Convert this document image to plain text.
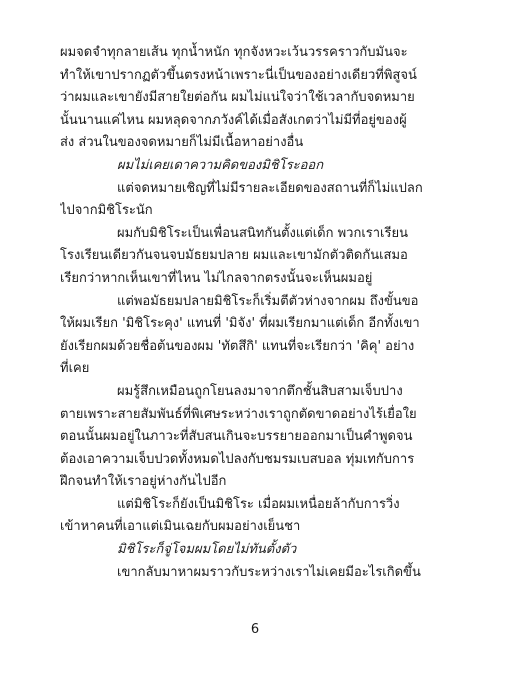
ผมจดจำทุกลายเส้น ทุกน้ำหนัก ทุกจังหวะเว้นวรรคราวกับมันจะ
ทำให้เขาปรากฏตัวขึ้นตรงหน้าเพราะนี่เป็นของอย่างเดียวที่พิสูจน์
ว่าผมและเขายังมีสายใยต่อกัน ผมไม่แน่ใจว่าใช้เวลากับจดหมาย
นั้นนานแค่ไหน ผมหลุดจากภวังค์ได้เมื่อสังเกตว่าไม่มีที่อยู่ของผู้
ส่ง ส่วนในของจดหมายก็ไม่มีเนื้อหาอย่างอื่น
ผมไม่เคยเดาความคิดของมิชิโระออก
แต่จดหมายเชิญที่ไม่มีรายละเอียดของสถานที่ก็ไม่แปลก
ไปจากมิชิโระนัก
ผมกับมิชิโระเป็นเพื่อนสนิทกันตั้งแต่เด็ก พวกเราเรียน
โรงเรียนเดียวกันจนจบมัธยมปลาย ผมและเขามักตัวติดกันเสมอ
เรียกว่าหากเห็นเขาที่ไหน ไม่ไกลจากตรงนั้นจะเห็นผมอยู่
แต่พอมัธยมปลายมิชิโระก็เริ่มตีตัวห่างจากผม ถึงขั้นขอ
ให้ผมเรียก 'มิชิโระคุง' แทนที่ 'มิจัง' ที่ผมเรียกมาแต่เด็ก อีกทั้งเขา
ยังเรียกผมด้วยชื่อต้นของผม 'ทัตสึกิ' แทนที่จะเรียกว่า 'คิคุ' อย่าง
ที่เคย
ผมรู้สึกเหมือนถูกโยนลงมาจากตึกชั้นสิบสามเจ็บปาง
ตายเพราะสายสัมพันธ์ที่พิเศษระหว่างเราถูกตัดขาดอย่างไร้เยื่อใย
ตอนนั้นผมอยู่ในภาวะที่สับสนเกินจะบรรยายออกมาเป็นคำพูดจน
ต้องเอาความเจ็บปวดทั้งหมดไปลงกับชมรมเบสบอล ทุ่มเทกับการ
ฝึกจนทำให้เราอยู่ห่างกันไปอีก
แต่มิชิโระก็ยังเป็นมิชิโระ เมื่อผมเหนื่อยล้ากับการวิ่ง
เข้าหาคนที่เอาแต่เมินเฉยกับผมอย่างเย็นชา
มิชิโระก็จู่โจมผมโดยไม่ทันตั้งตัว
เขากลับมาหาผมราวกับระหว่างเราไม่เคยมีอะไรเกิดขึ้น
6
